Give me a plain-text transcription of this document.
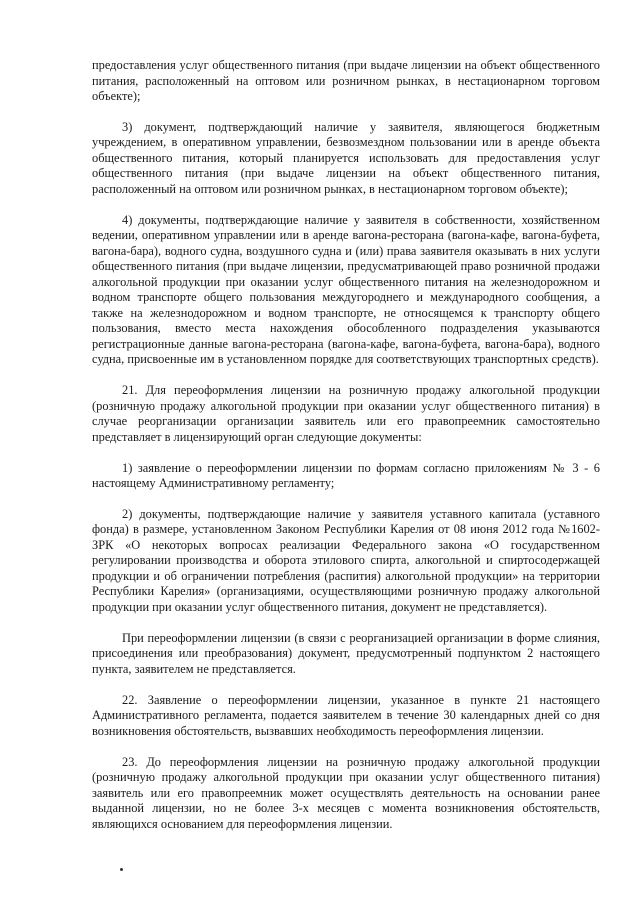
предоставления услуг общественного питания (при выдаче лицензии на объект общественного питания, расположенный на оптовом или розничном рынках, в нестационарном торговом объекте);

3) документ, подтверждающий наличие у заявителя, являющегося бюджетным учреждением, в оперативном управлении, безвозмездном пользовании или в аренде объекта общественного питания, который планируется использовать для предоставления услуг общественного питания (при выдаче лицензии на объект общественного питания, расположенный на оптовом или розничном рынках, в нестационарном торговом объекте);

4) документы, подтверждающие наличие у заявителя в собственности, хозяйственном ведении, оперативном управлении или в аренде вагона-ресторана (вагона-кафе, вагона-буфета, вагона-бара), водного судна, воздушного судна и (или) права заявителя оказывать в них услуги общественного питания (при выдаче лицензии, предусматривающей право розничной продажи алкогольной продукции при оказании услуг общественного питания на железнодорожном и водном транспорте общего пользования междугороднего и международного сообщения, а также на железнодорожном и водном транспорте, не относящемся к транспорту общего пользования, вместо места нахождения обособленного подразделения указываются регистрационные данные вагона-ресторана (вагона-кафе, вагона-буфета, вагона-бара), водного судна, присвоенные им в установленном порядке для соответствующих транспортных средств).

21. Для переоформления лицензии на розничную продажу алкогольной продукции (розничную продажу алкогольной продукции при оказании услуг общественного питания) в случае реорганизации организации заявитель или его правопреемник самостоятельно представляет в лицензирующий орган следующие документы:

1) заявление о переоформлении лицензии по формам согласно приложениям № 3 - 6 настоящему Административному регламенту;

2) документы, подтверждающие наличие у заявителя уставного капитала (уставного фонда) в размере, установленном Законом Республики Карелия от 08 июня 2012 года №1602-ЗРК «О некоторых вопросах реализации Федерального закона «О государственном регулировании производства и оборота этилового спирта, алкогольной и спиртосодержащей продукции и об ограничении потребления (распития) алкогольной продукции» на территории Республики Карелия» (организациями, осуществляющими розничную продажу алкогольной продукции при оказании услуг общественного питания, документ не представляется).

При переоформлении лицензии (в связи с реорганизацией организации в форме слияния, присоединения или преобразования) документ, предусмотренный подпунктом 2 настоящего пункта, заявителем не представляется.

22. Заявление о переоформлении лицензии, указанное в пункте 21 настоящего Административного регламента, подается заявителем в течение 30 календарных дней со дня возникновения обстоятельств, вызвавших необходимость переоформления лицензии.

23. До переоформления лицензии на розничную продажу алкогольной продукции (розничную продажу алкогольной продукции при оказании услуг общественного питания) заявитель или его правопреемник может осуществлять деятельность на основании ранее выданной лицензии, но не более 3-х месяцев с момента возникновения обстоятельств, являющихся основанием для переоформления лицензии.
